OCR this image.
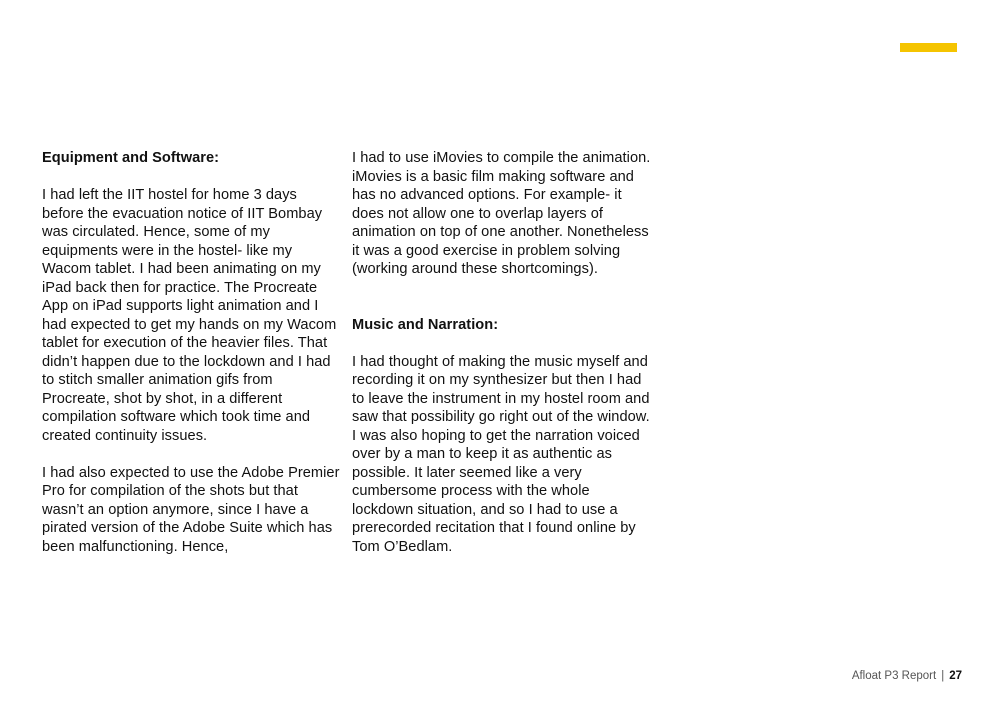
Equipment and Software:

I had left the IIT hostel for home 3 days before the evacuation notice of IIT Bombay was circulated. Hence, some of my equipments were in the hostel- like my Wacom tablet. I had been animating on my iPad back then for practice. The Procreate App on iPad supports light animation and I had expected to get my hands on my Wacom tablet for execution of the heavier files. That didn’t happen due to the lockdown and I had to stitch smaller animation gifs from Procreate, shot by shot, in a different compilation software which took time and created continuity issues.

I had also expected to use the Adobe Premier Pro for compilation of the shots but that wasn’t an option anymore, since I have a pirated version of the Adobe Suite which has been malfunctioning. Hence,

I had to use iMovies to compile the animation. iMovies is a basic film making software and has no advanced options. For example- it does not allow one to overlap layers of animation on top of one another. Nonetheless it was a good exercise in problem solving (working around these shortcomings).

Music and Narration:

I had thought of making the music myself and recording it on my synthesizer but then I had to leave the instrument in my hostel room and saw that possibility go right out of the window. I was also hoping to get the narration voiced over by a man to keep it as authentic as possible. It later seemed like a very cumbersome process with the whole lockdown situation, and so I had to use a prerecorded recitation that I found online by Tom O’Bedlam.

Afloat P3 Report | 27
